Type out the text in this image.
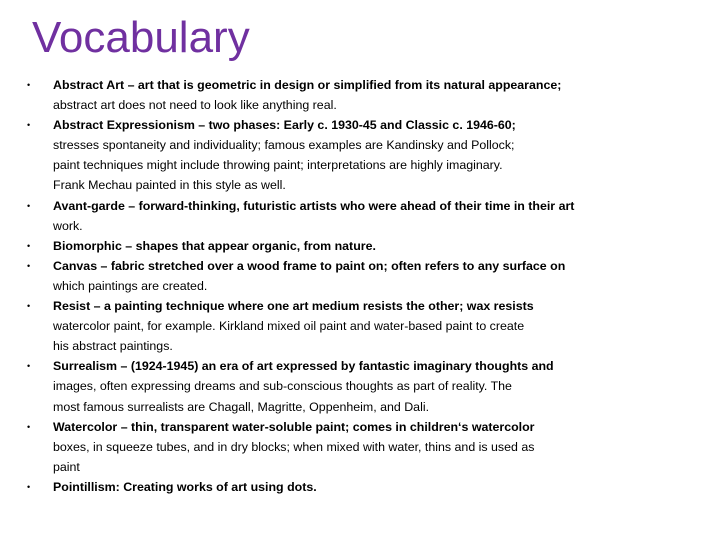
Vocabulary
• Abstract Art – art that is geometric in design or simplified from its natural appearance;
abstract art does not need to look like anything real.
• Abstract Expressionism – two phases: Early c. 1930-45 and Classic c. 1946-60;
stresses spontaneity and individuality; famous examples are Kandinsky and Pollock;
paint techniques might include throwing paint; interpretations are highly imaginary.
Frank Mechau painted in this style as well.
• Avant-garde – forward-thinking, futuristic artists who were ahead of their time in their art
work.
• Biomorphic – shapes that appear organic, from nature.
• Canvas – fabric stretched over a wood frame to paint on; often refers to any surface on
which paintings are created.
• Resist – a painting technique where one art medium resists the other; wax resists
watercolor paint, for example. Kirkland mixed oil paint and water-based paint to create
his abstract paintings.
• Surrealism – (1924-1945) an era of art expressed by fantastic imaginary thoughts and
images, often expressing dreams and sub-conscious thoughts as part of reality. The
most famous surrealists are Chagall, Magritte, Oppenheim, and Dali.
• Watercolor – thin, transparent water-soluble paint; comes in children‘s watercolor
boxes, in squeeze tubes, and in dry blocks; when mixed with water, thins and is used as
paint
• Pointillism: Creating works of art using dots.
